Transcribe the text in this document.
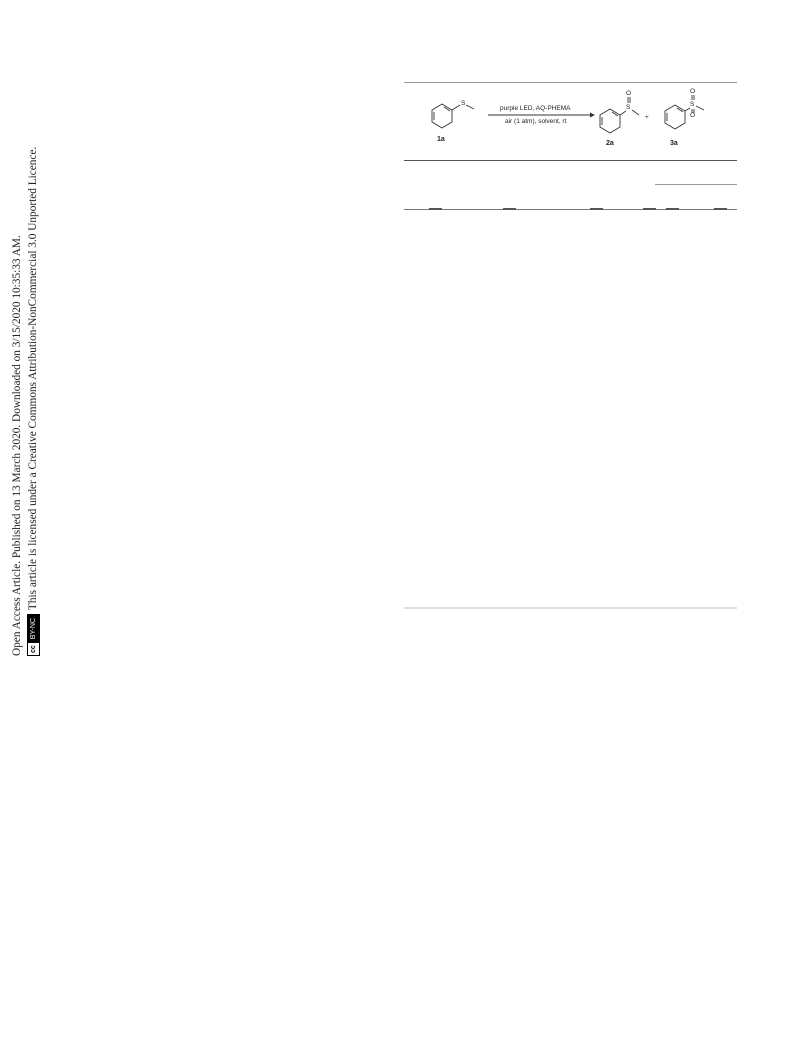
Open Access Article. Published on 13 March 2020. Downloaded on 3/15/2020 10:35:33 AM. cc
BY-NC
This article is licensed under a Creative Commons Attribution-NonCommercial 3.0 Unported Licence.
S
purple LED, AQ-PHEMA
air (1 atm), solvent, rt
S
O
+
S
O
O
1a
2a	3a
